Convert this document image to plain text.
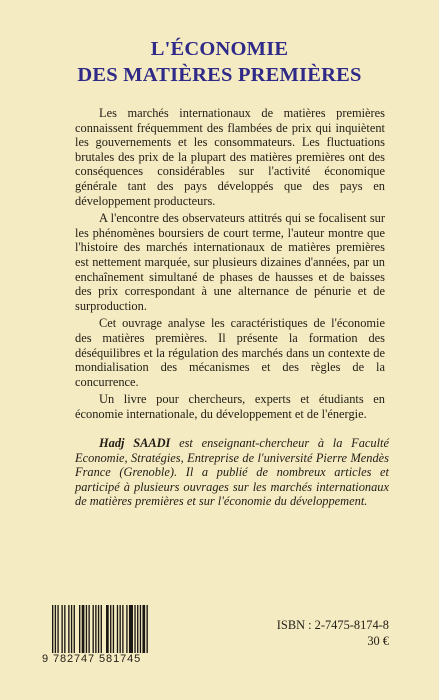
L'ÉCONOMIE
DES MATIÈRES PREMIÈRES

Les marchés internationaux de matières premières connaissent fréquemment des flambées de prix qui inquiètent les gouvernements et les consommateurs. Les fluctuations brutales des prix de la plupart des matières premières ont des conséquences considérables sur l'activité économique générale tant des pays développés que des pays en développement producteurs.

A l'encontre des observateurs attitrés qui se focalisent sur les phénomènes boursiers de court terme, l'auteur montre que l'histoire des marchés internationaux de matières premières est nettement marquée, sur plusieurs dizaines d'années, par un enchaînement simultané de phases de hausses et de baisses des prix correspondant à une alternance de pénurie et de surproduction.

Cet ouvrage analyse les caractéristiques de l'économie des matières premières. Il présente la formation des déséquilibres et la régulation des marchés dans un contexte de mondialisation des mécanismes et des règles de la concurrence.

Un livre pour chercheurs, experts et étudiants en économie internationale, du développement et de l'énergie.

Hadj SAADI est enseignant-chercheur à la Faculté Economie, Stratégies, Entreprise de l'université Pierre Mendès France (Grenoble). Il a publié de nombreux articles et participé à plusieurs ouvrages sur les marchés internationaux de matières premières et sur l'économie du développement.

9 782747 581745
ISBN : 2-7475-8174-8
30 €
